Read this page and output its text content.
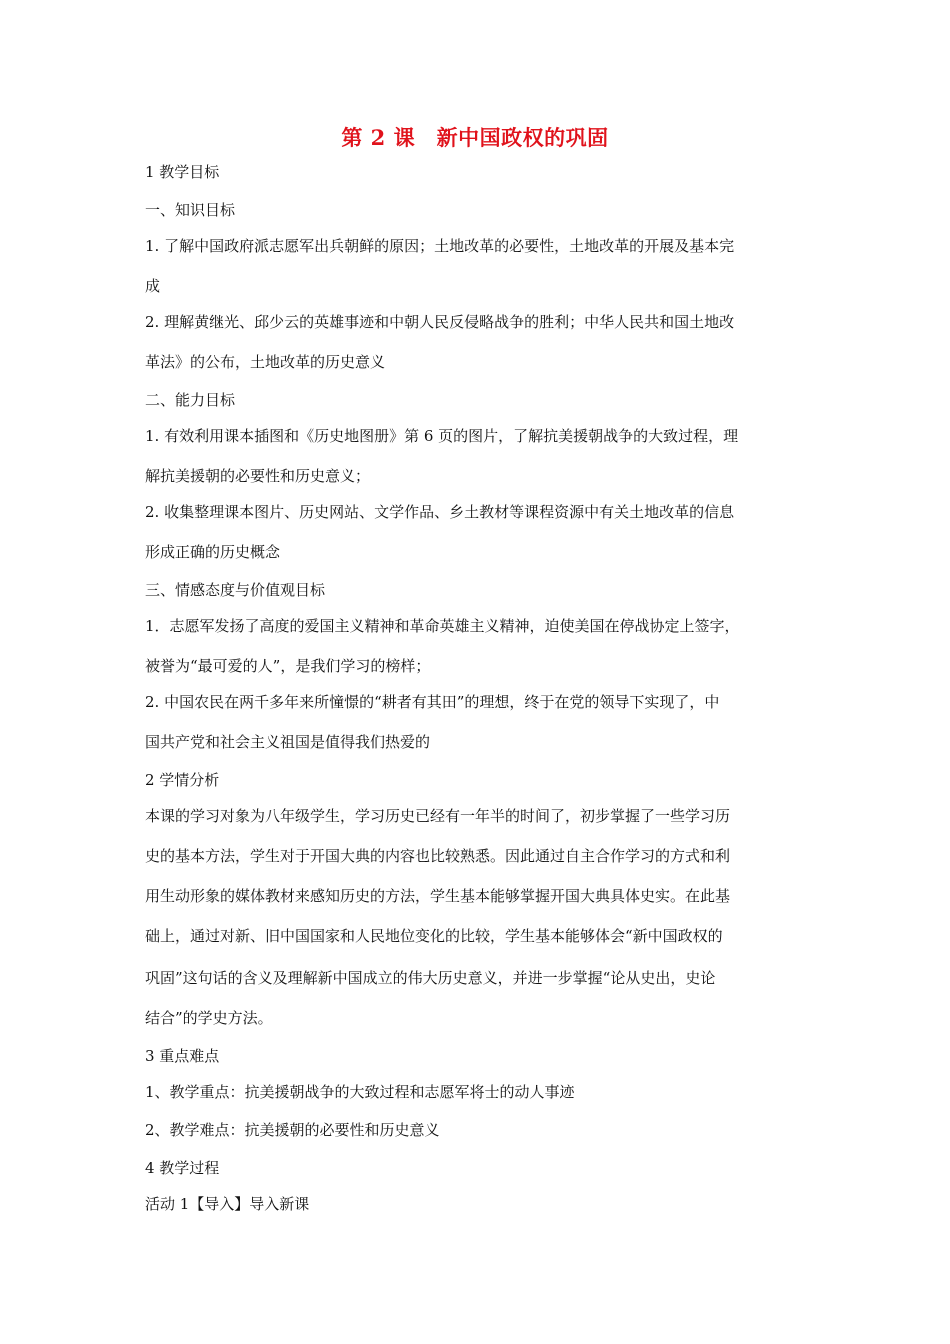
第 2 课　新中国政权的巩固
1 教学目标
一、知识目标
1. 了解中国政府派志愿军出兵朝鲜的原因；土地改革的必要性，土地改革的开展及基本完
成
2. 理解黄继光、邱少云的英雄事迹和中朝人民反侵略战争的胜利；中华人民共和国土地改
革法》的公布，土地改革的历史意义
二、能力目标
1. 有效利用课本插图和《历史地图册》第 6 页的图片，了解抗美援朝战争的大致过程，理
解抗美援朝的必要性和历史意义；
2. 收集整理课本图片、历史网站、文学作品、乡土教材等课程资源中有关土地改革的信息
形成正确的历史概念
三、情感态度与价值观目标
1．志愿军发扬了高度的爱国主义精神和革命英雄主义精神，迫使美国在停战协定上签字，
被誉为“最可爱的人”，是我们学习的榜样；
2. 中国农民在两千多年来所憧憬的“耕者有其田”的理想，终于在党的领导下实现了，中
国共产党和社会主义祖国是值得我们热爱的
2 学情分析
本课的学习对象为八年级学生，学习历史已经有一年半的时间了，初步掌握了一些学习历
史的基本方法，学生对于开国大典的内容也比较熟悉。因此通过自主合作学习的方式和利
用生动形象的媒体教材来感知历史的方法，学生基本能够掌握开国大典具体史实。在此基
础上，通过对新、旧中国国家和人民地位变化的比较，学生基本能够体会“新中国政权的
巩固”这句话的含义及理解新中国成立的伟大历史意义，并进一步掌握“论从史出，史论
结合”的学史方法。
3 重点难点
1、教学重点：抗美援朝战争的大致过程和志愿军将士的动人事迹
2、教学难点：抗美援朝的必要性和历史意义
4 教学过程
活动 1【导入】导入新课
